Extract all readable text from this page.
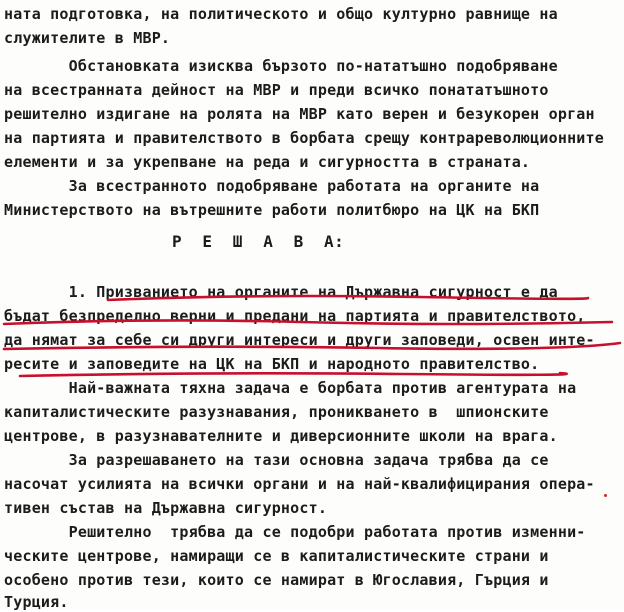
ната подготовка, на политическото и общо културно равнище на
служителите в МВР.
Обстановката изисква бързото по-нататъшно подобряване
на всестранната дейност на МВР и преди всичко понататъшното
решително издигане на ролята на МВР като верен и безукорен орган
на партията и правителството в борбата срещу контрареволюционните
елементи и за укрепване на реда и сигурността в страната.
За всестранното подобряване работата на органите на
Министерството на вътрешните работи политбюро на ЦК на БКП
Р  Е  Ш  А  В  А:
1. Призванието на органите на Държавна сигурност е да
бъдат безпределно верни и предани на партията и правителството,
да нямат за себе си други интереси и други заповеди, освен инте-
ресите и заповедите на ЦК на БКП и народното правителство.
Най-важната тяхна задача е борбата против агентурата на
капиталистическите разузнавания, проникването в  шпионските
центрове, в разузнавателните и диверсионните школи на врага.
За разрешаването на тази основна задача трябва да се
насочат усилията на всички органи и на най-квалифицирания опера-
тивен състав на Държавна сигурност.
Решително  трябва да се подобри работата против изменни-
ческите центрове, намиращи се в капиталистическите страни и
особено против тези, които се намират в Югославия, Гърция и
Турция.
